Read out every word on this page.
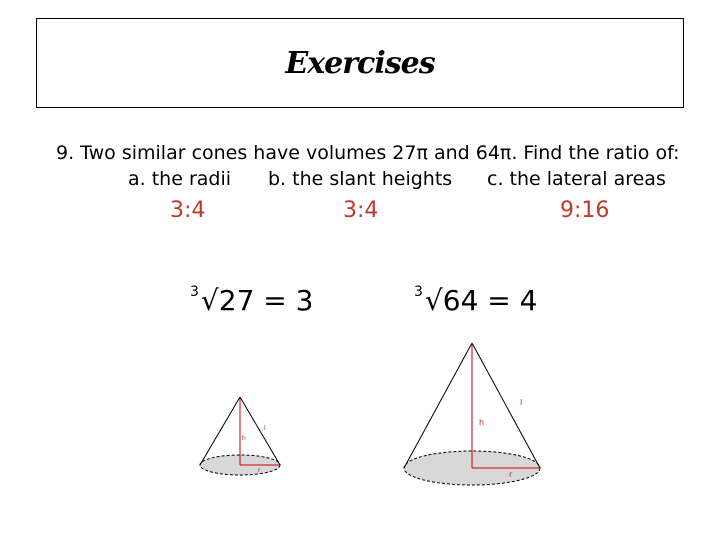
Exercises
9. Two similar cones have volumes 27π and 64π. Find the ratio of:
a. the radii b. the slant heights c. the lateral areas
3:4	3:4	9:16
$^3$√27 = 3	$^3$√64 = 4
h
l
r
h
l
r
